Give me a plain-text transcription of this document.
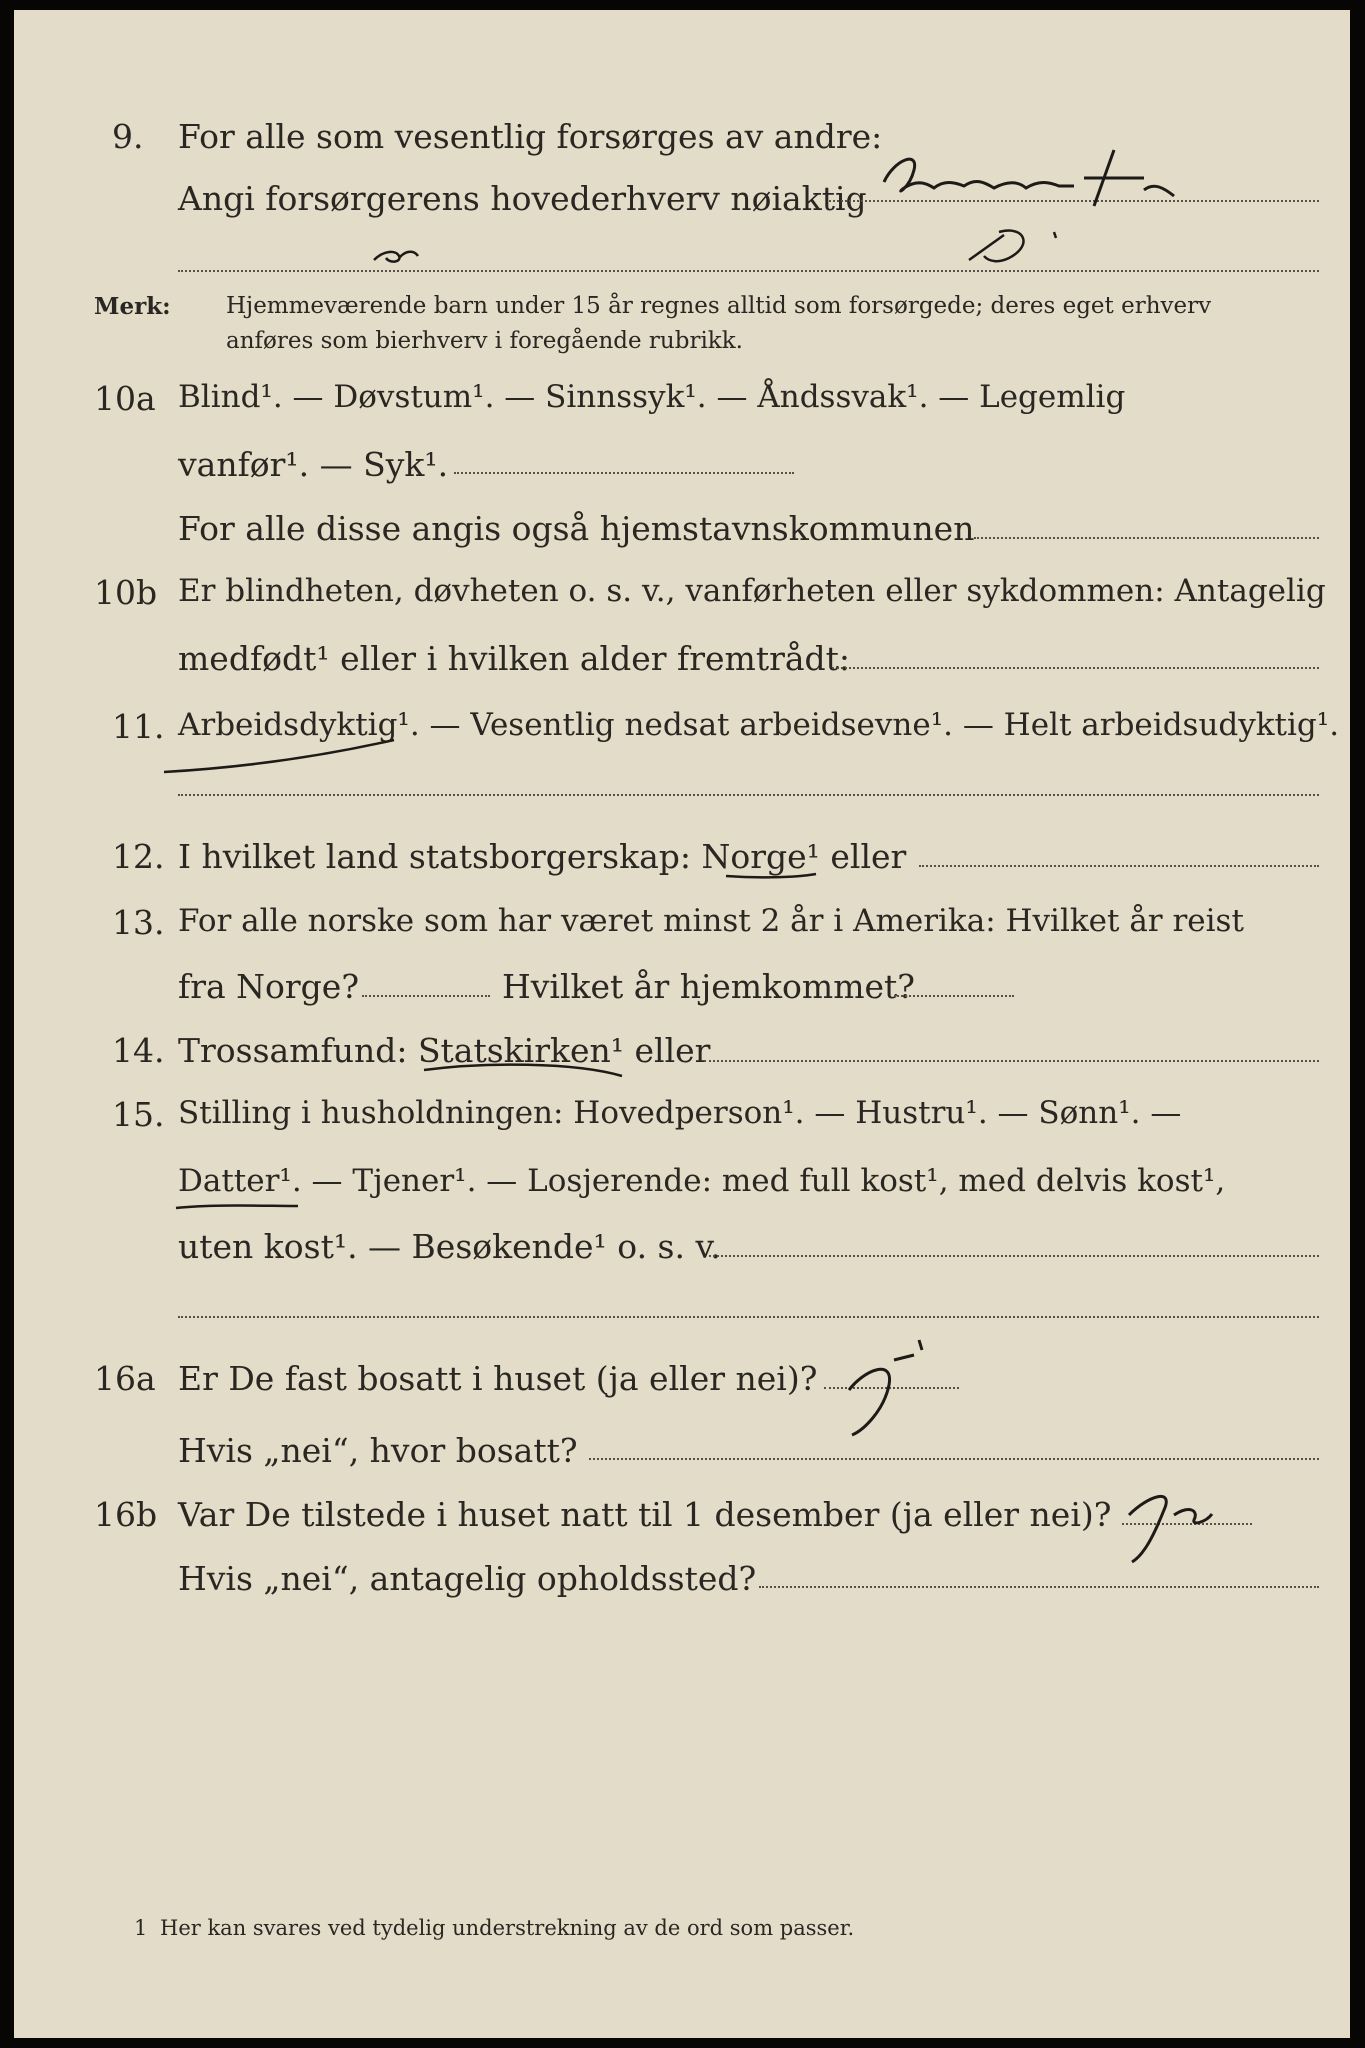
9. For alle som vesentlig forsørges av andre:
Angi forsørgerens hovederhverv nøiaktig
Merk: Hjemmeværende barn under 15 år regnes alltid som forsørgede; deres eget erhverv
anføres som bierhverv i foregående rubrikk.
10a Blind¹. — Døvstum¹. — Sinnssyk¹. — Åndssvak¹. — Legemlig
vanfør¹. — Syk¹.
For alle disse angis også hjemstavnskommunen
10b Er blindheten, døvheten o. s. v., vanførheten eller sykdommen: Antagelig
medfødt¹ eller i hvilken alder fremtrådt:
11. Arbeidsdyktig¹. — Vesentlig nedsat arbeidsevne¹. — Helt arbeidsudyktig¹.
12. I hvilket land statsborgerskap: Norge¹ eller
13. For alle norske som har været minst 2 år i Amerika: Hvilket år reist
fra Norge?	Hvilket år hjemkommet?
14. Trossamfund: Statskirken¹ eller
15. Stilling i husholdningen: Hovedperson¹. — Hustru¹. — Sønn¹. —
Datter¹. — Tjener¹. — Losjerende: med full kost¹, med delvis kost¹,
uten kost¹. — Besøkende¹ o. s. v.
16a Er De fast bosatt i huset (ja eller nei)?
Hvis „nei“, hvor bosatt?
16b Var De tilstede i huset natt til 1 desember (ja eller nei)?
Hvis „nei“, antagelig opholdssted?
1 Her kan svares ved tydelig understrekning av de ord som passer.
